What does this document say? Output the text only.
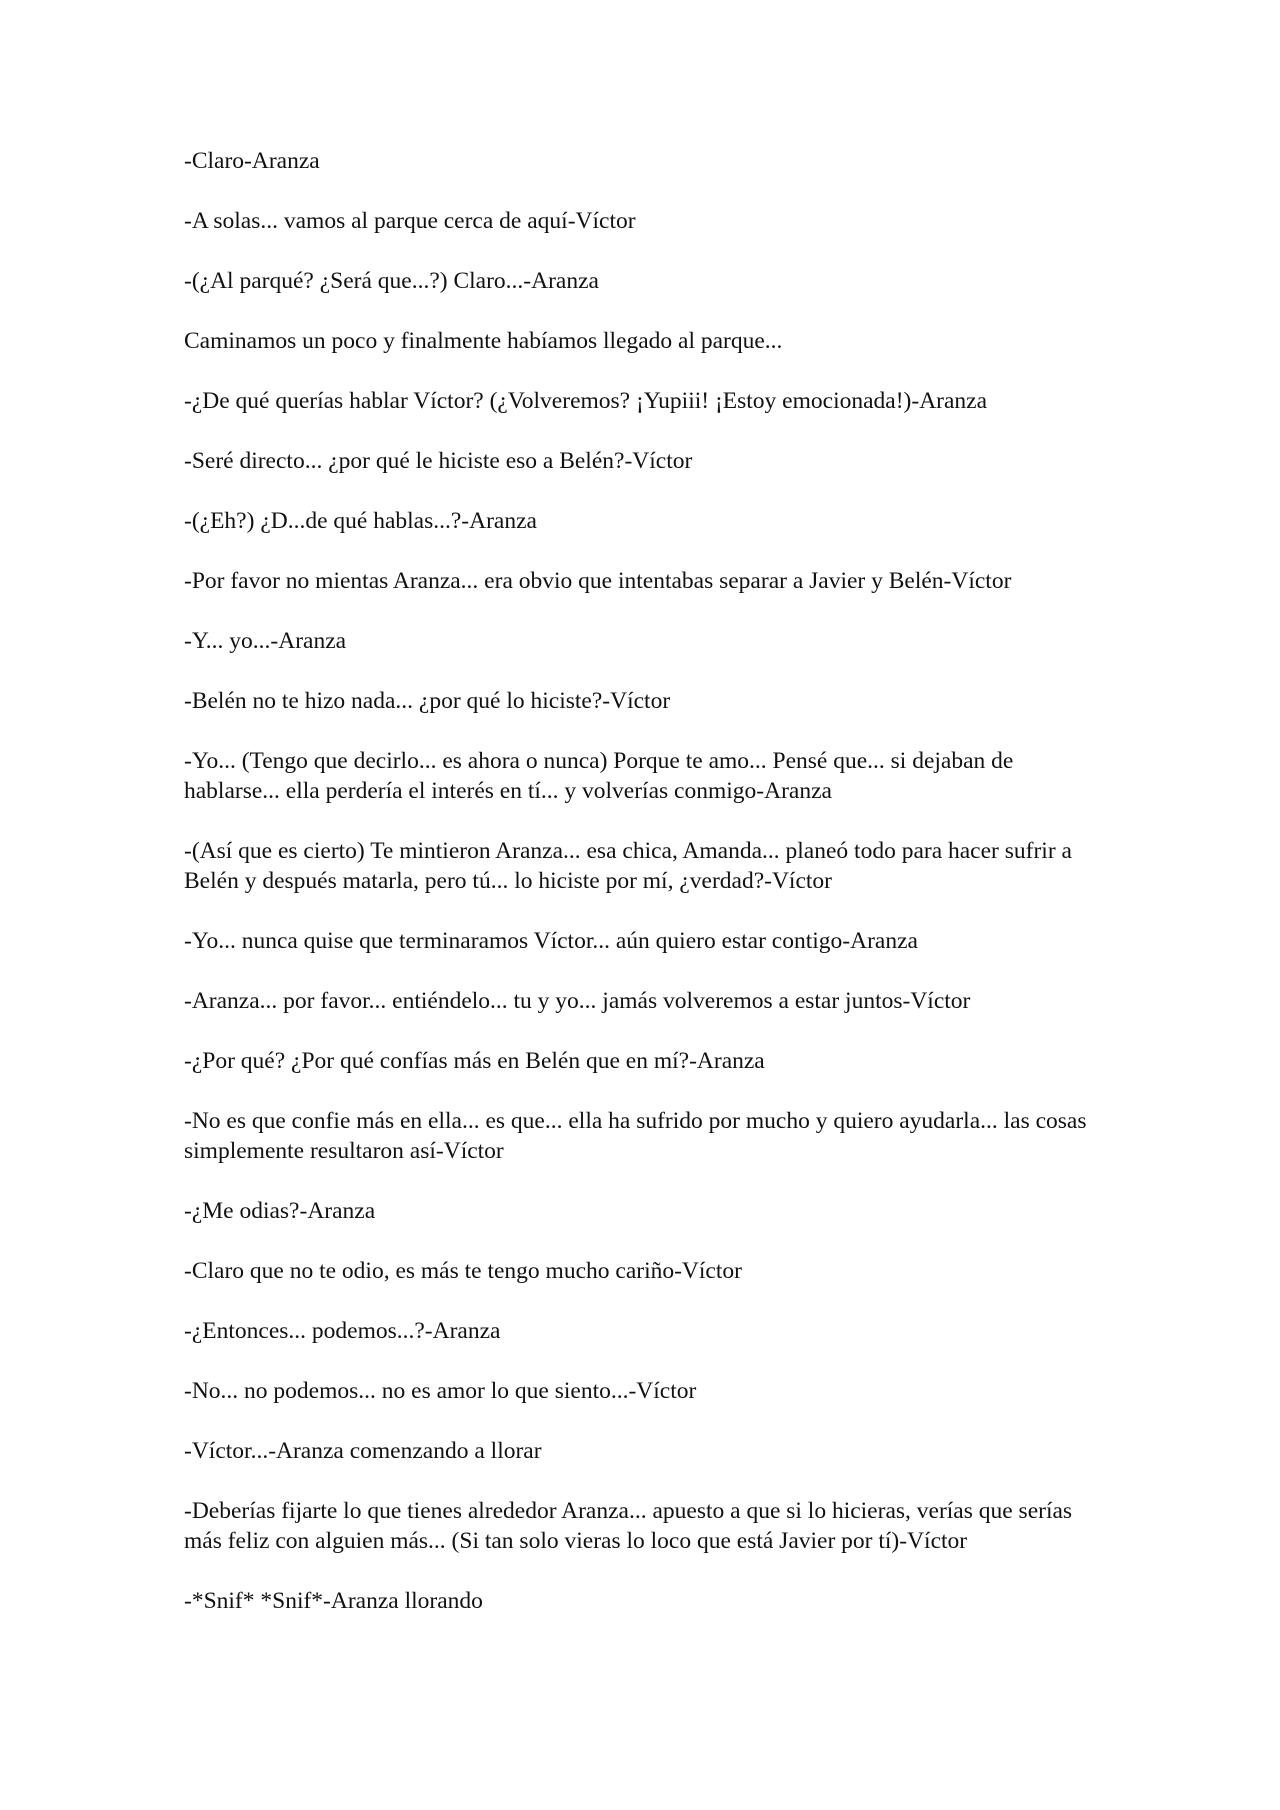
-Claro-Aranza

-A solas... vamos al parque cerca de aquí-Víctor

-(¿Al parqué? ¿Será que...?) Claro...-Aranza

Caminamos un poco y finalmente habíamos llegado al parque...

-¿De qué querías hablar Víctor? (¿Volveremos? ¡Yupiii! ¡Estoy emocionada!)-Aranza

-Seré directo... ¿por qué le hiciste eso a Belén?-Víctor

-(¿Eh?) ¿D...de qué hablas...?-Aranza

-Por favor no mientas Aranza... era obvio que intentabas separar a Javier y Belén-Víctor

-Y... yo...-Aranza

-Belén no te hizo nada... ¿por qué lo hiciste?-Víctor

-Yo... (Tengo que decirlo... es ahora o nunca) Porque te amo... Pensé que... si dejaban de hablarse... ella perdería el interés en tí... y volverías conmigo-Aranza

-(Así que es cierto) Te mintieron Aranza... esa chica, Amanda... planeó todo para hacer sufrir a Belén y después matarla, pero tú... lo hiciste por mí, ¿verdad?-Víctor

-Yo... nunca quise que terminaramos Víctor... aún quiero estar contigo-Aranza

-Aranza... por favor... entiéndelo... tu y yo... jamás volveremos a estar juntos-Víctor

-¿Por qué? ¿Por qué confías más en Belén que en mí?-Aranza

-No es que confie más en ella... es que... ella ha sufrido por mucho y quiero ayudarla... las cosas simplemente resultaron así-Víctor

-¿Me odias?-Aranza

-Claro que no te odio, es más te tengo mucho cariño-Víctor

-¿Entonces... podemos...?-Aranza

-No... no podemos... no es amor lo que siento...-Víctor

-Víctor...-Aranza comenzando a llorar

-Deberías fijarte lo que tienes alrededor Aranza... apuesto a que si lo hicieras, verías que serías más feliz con alguien más... (Si tan solo vieras lo loco que está Javier por tí)-Víctor

-*Snif* *Snif*-Aranza llorando
